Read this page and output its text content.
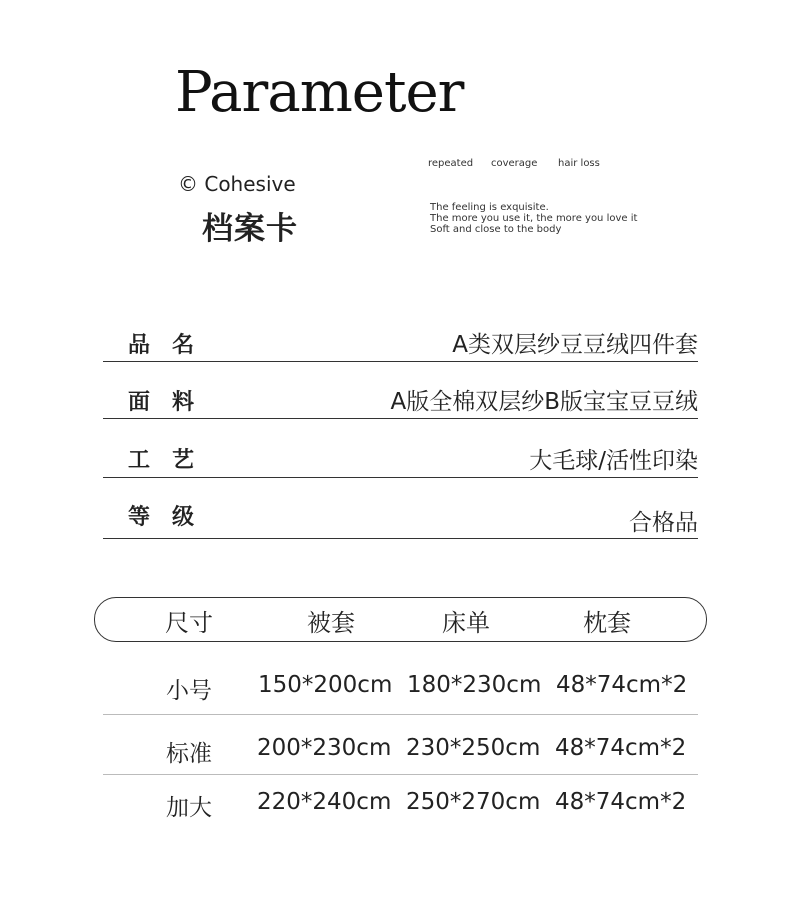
Parameter
© Cohesive
档案卡
repeated coverage hair loss
The feeling is exquisite.
The more you use it, the more you love it
Soft and close to the body
品名	A类双层纱豆豆绒四件套
面料	A版全棉双层纱B版宝宝豆豆绒
工艺	大毛球/活性印染
等级	合格品
尺寸	被套	床单	枕套
小号 150*200cm 180*230cm 48*74cm*2
标准 200*230cm 230*250cm 48*74cm*2
加大 220*240cm 250*270cm 48*74cm*2
